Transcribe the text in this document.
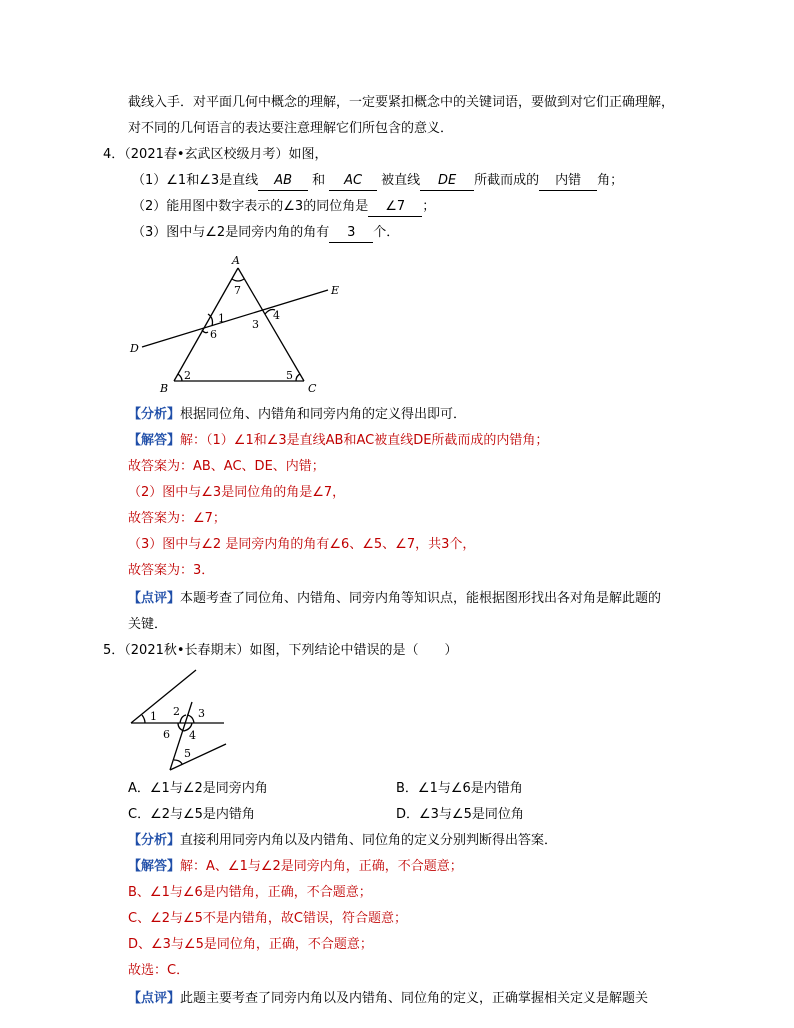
截线入手．对平面几何中概念的理解，一定要紧扣概念中的关键词语，要做到对它们正确理解，
对不同的几何语言的表达要注意理解它们所包含的意义．
4．（2021春•玄武区校级月考）如图，
（1）∠1和∠3是直线 AB 和 AC 被直线 DE 所截而成的 内错 角；
（2）能用图中数字表示的∠3的同位角是 ∠7 ；
（3）图中与∠2是同旁内角的角有 3 个．
A
B	C
D
E
7
1
6
3
4
2	5
【分析】根据同位角、内错角和同旁内角的定义得出即可．
【解答】解：（1）∠1和∠3是直线AB和AC被直线DE所截而成的内错角；
故答案为：AB、AC、DE、内错；
（2）图中与∠3是同位角的角是∠7，
故答案为：∠7；
（3）图中与∠2 是同旁内角的角有∠6、∠5、∠7，共3个，
故答案为：3．
【点评】本题考查了同位角、内错角、同旁内角等知识点，能根据图形找出各对角是解此题的
关键．
5．（2021秋•长春期末）如图，下列结论中错误的是（　　）
1 2 3
6 4
5
A．∠1与∠2是同旁内角	B．∠1与∠6是内错角
C．∠2与∠5是内错角	D．∠3与∠5是同位角
【分析】直接利用同旁内角以及内错角、同位角的定义分别判断得出答案．
【解答】解：A、∠1与∠2是同旁内角，正确，不合题意；
B、∠1与∠6是内错角，正确，不合题意；
C、∠2与∠5不是内错角，故C错误，符合题意；
D、∠3与∠5是同位角，正确，不合题意；
故选：C．
【点评】此题主要考查了同旁内角以及内错角、同位角的定义，正确掌握相关定义是解题关
